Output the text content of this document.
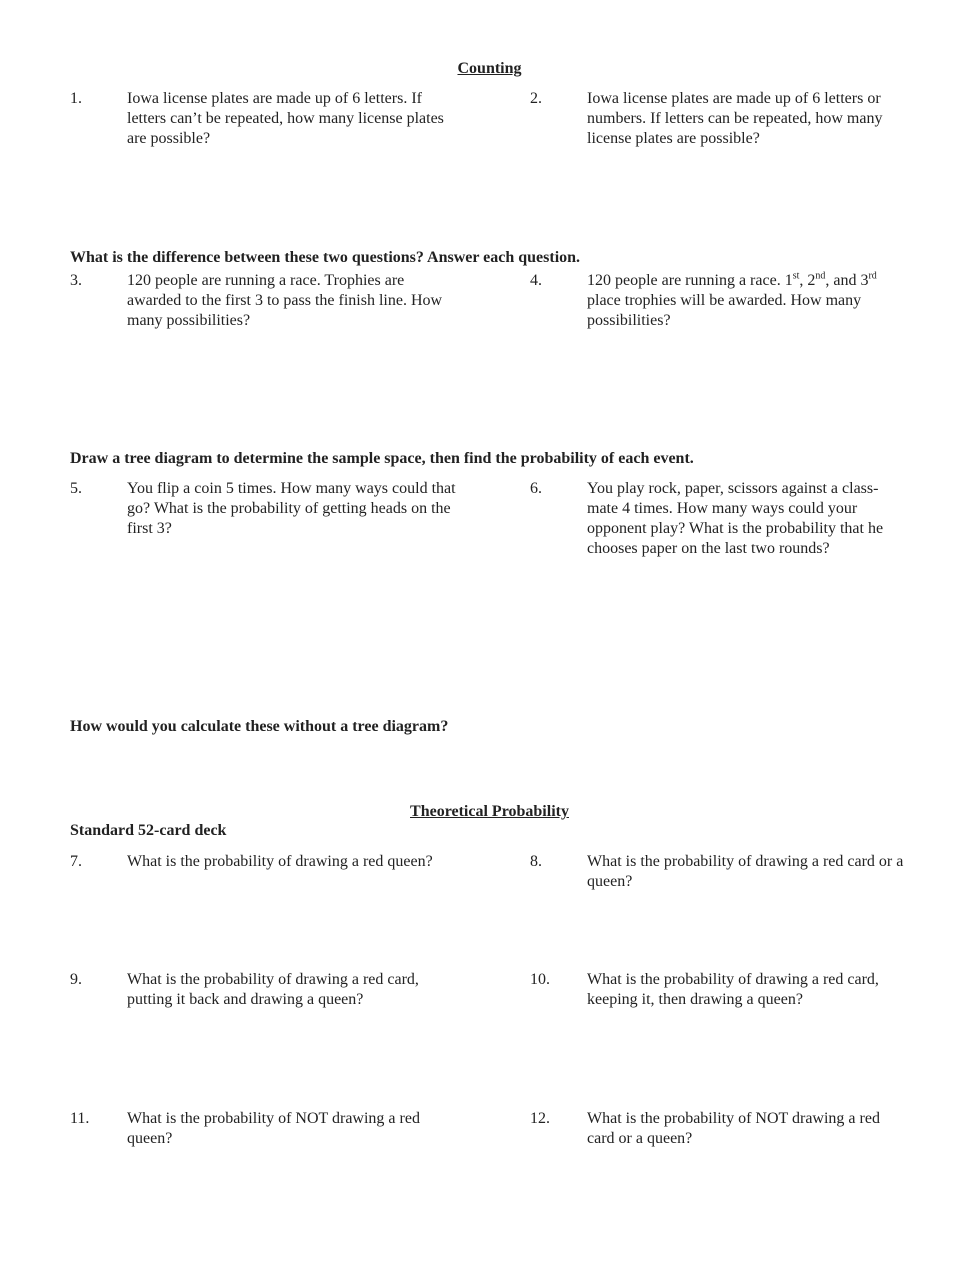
Counting
1.	Iowa license plates are made up of 6 letters. If letters can’t be repeated, how many license plates are possible?
2.	Iowa license plates are made up of 6 letters or numbers. If letters can be repeated, how many license plates are possible?
What is the difference between these two questions? Answer each question.
3.	120 people are running a race. Trophies are awarded to the first 3 to pass the finish line. How many possibilities?
4.	120 people are running a race. 1st, 2nd, and 3rd place trophies will be awarded. How many possibilities?
Draw a tree diagram to determine the sample space, then find the probability of each event.
5.	You flip a coin 5 times. How many ways could that go? What is the probability of getting heads on the first 3?
6.	You play rock, paper, scissors against a class-mate 4 times. How many ways could your opponent play? What is the probability that he chooses paper on the last two rounds?
How would you calculate these without a tree diagram?
Theoretical Probability
Standard 52-card deck
7.	What is the probability of drawing a red queen?	8.	What is the probability of drawing a red card or a queen?
9.	What is the probability of drawing a red card, putting it back and drawing a queen?
10. What is the probability of drawing a red card, keeping it, then drawing a queen?
11. What is the probability of NOT drawing a red queen?
12. What is the probability of NOT drawing a red card or a queen?
